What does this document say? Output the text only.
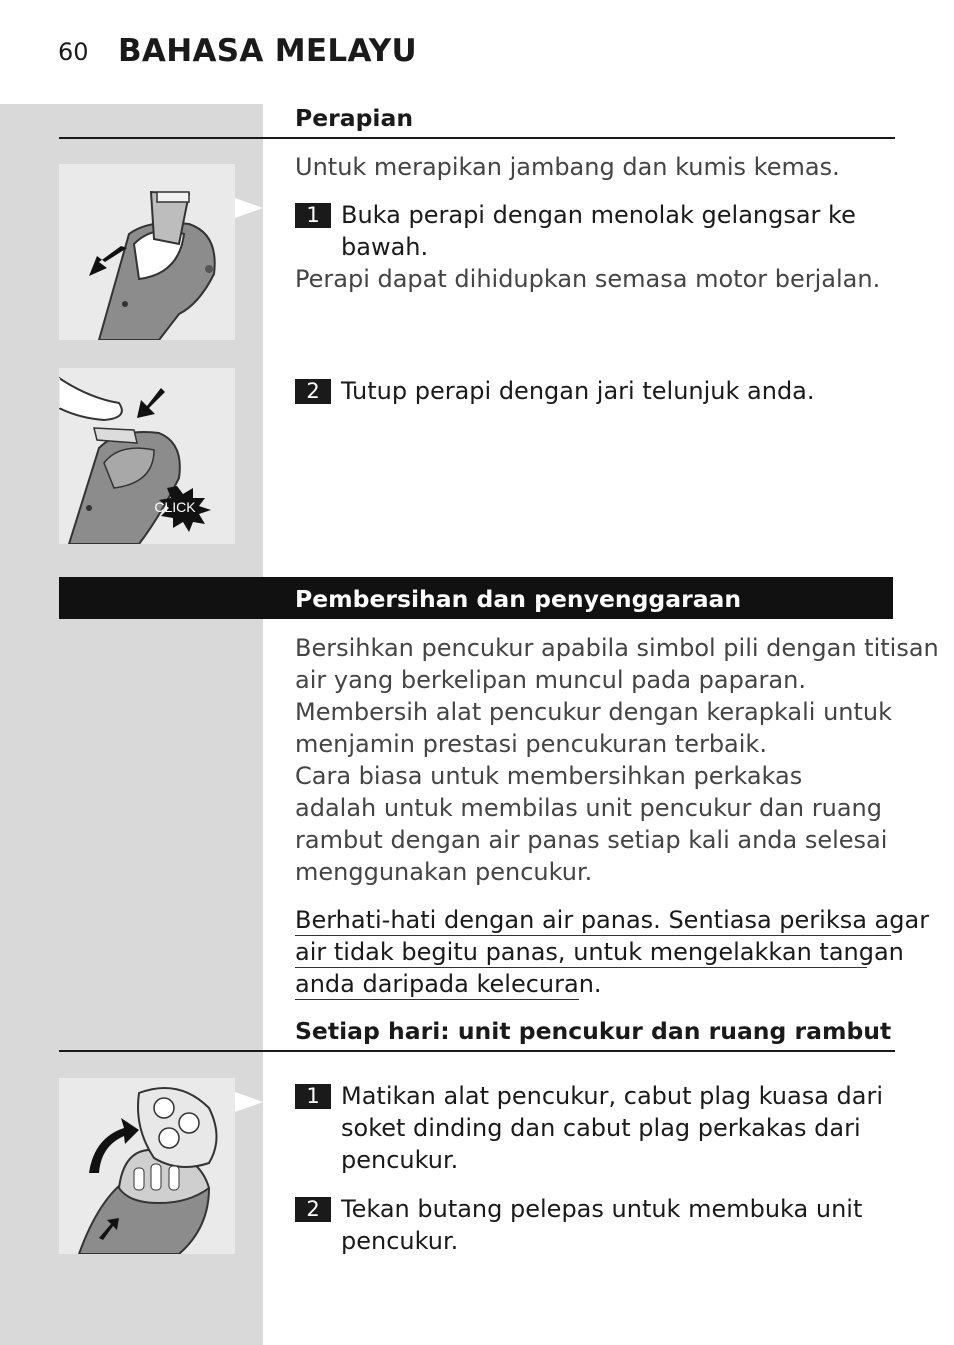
60 BAHASA MELAYU
Perapian
Untuk merapikan jambang dan kumis kemas.
1 Buka perapi dengan menolak gelangsar ke
bawah.
Perapi dapat dihidupkan semasa motor berjalan.
2 Tutup perapi dengan jari telunjuk anda.
CLICK
Pembersihan dan penyenggaraan
Bersihkan pencukur apabila simbol pili dengan titisan
air yang berkelipan muncul pada paparan.
Membersih alat pencukur dengan kerapkali untuk
menjamin prestasi pencukuran terbaik.
Cara biasa untuk membersihkan perkakas
adalah untuk membilas unit pencukur dan ruang
rambut dengan air panas setiap kali anda selesai
menggunakan pencukur.
Berhati-hati dengan air panas. Sentiasa periksa agar
air tidak begitu panas, untuk mengelakkan tangan
anda daripada kelecuran.
Setiap hari: unit pencukur dan ruang rambut
1 Matikan alat pencukur, cabut plag kuasa dari
soket dinding dan cabut plag perkakas dari
pencukur.
2 Tekan butang pelepas untuk membuka unit
pencukur.
